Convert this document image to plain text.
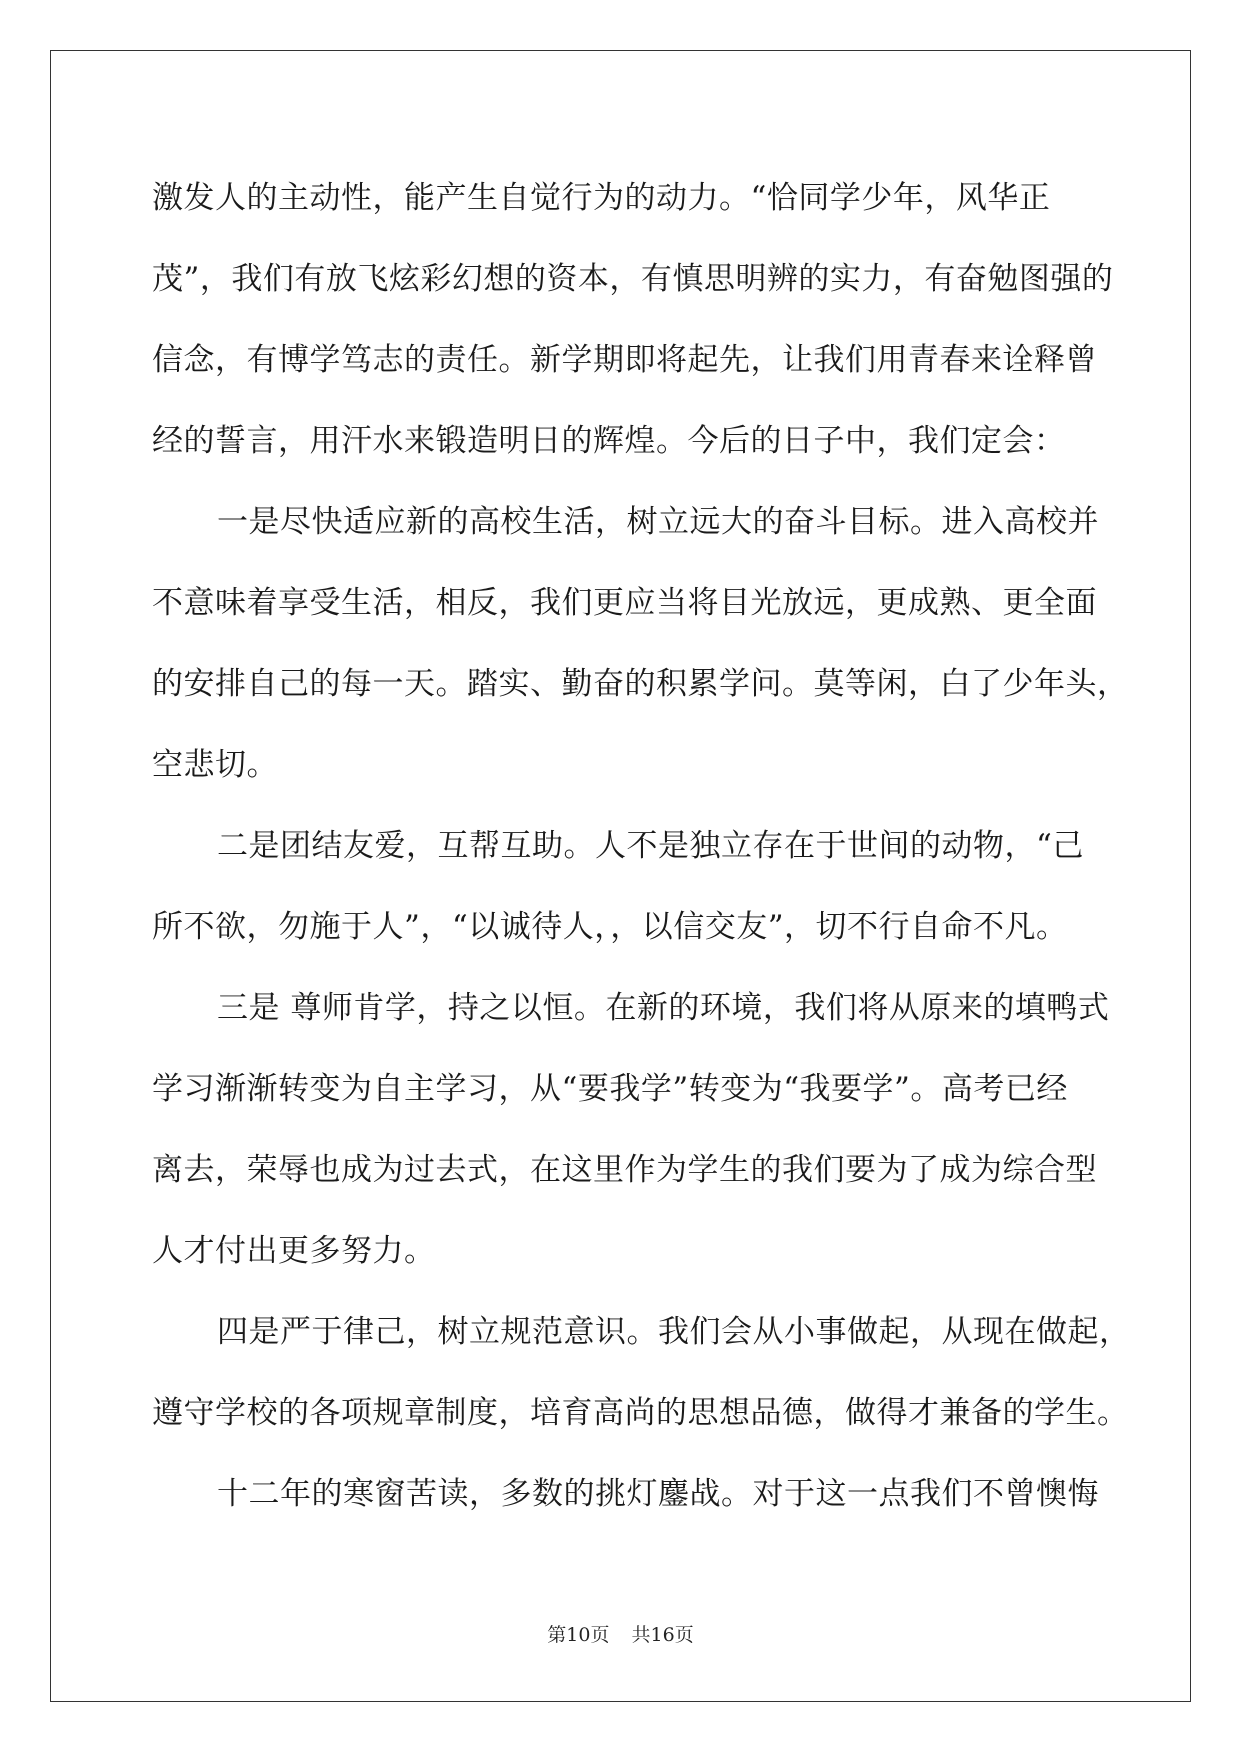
激发人的主动性，能产生自觉行为的动力。“恰同学少年，风华正
茂”，我们有放飞炫彩幻想的资本，有慎思明辨的实力，有奋勉图强的
信念，有博学笃志的责任。新学期即将起先，让我们用青春来诠释曾
经的誓言，用汗水来锻造明日的辉煌。今后的日子中，我们定会：
一是尽快适应新的高校生活，树立远大的奋斗目标。进入高校并
不意味着享受生活，相反，我们更应当将目光放远，更成熟、更全面
的安排自己的每一天。踏实、勤奋的积累学问。莫等闲，白了少年头，
空悲切。
二是团结友爱，互帮互助。人不是独立存在于世间的动物，“己
所不欲，勿施于人”，“以诚待人，，以信交友”，切不行自命不凡。
三是 尊师肯学，持之以恒。在新的环境，我们将从原来的填鸭式
学习渐渐转变为自主学习，从“要我学”转变为“我要学”。高考已经
离去，荣辱也成为过去式，在这里作为学生的我们要为了成为综合型
人才付出更多努力。
四是严于律己，树立规范意识。我们会从小事做起，从现在做起，
遵守学校的各项规章制度，培育高尚的思想品德，做得才兼备的学生。
十二年的寒窗苦读，多数的挑灯鏖战。对于这一点我们不曾懊悔
第10页 共16页
